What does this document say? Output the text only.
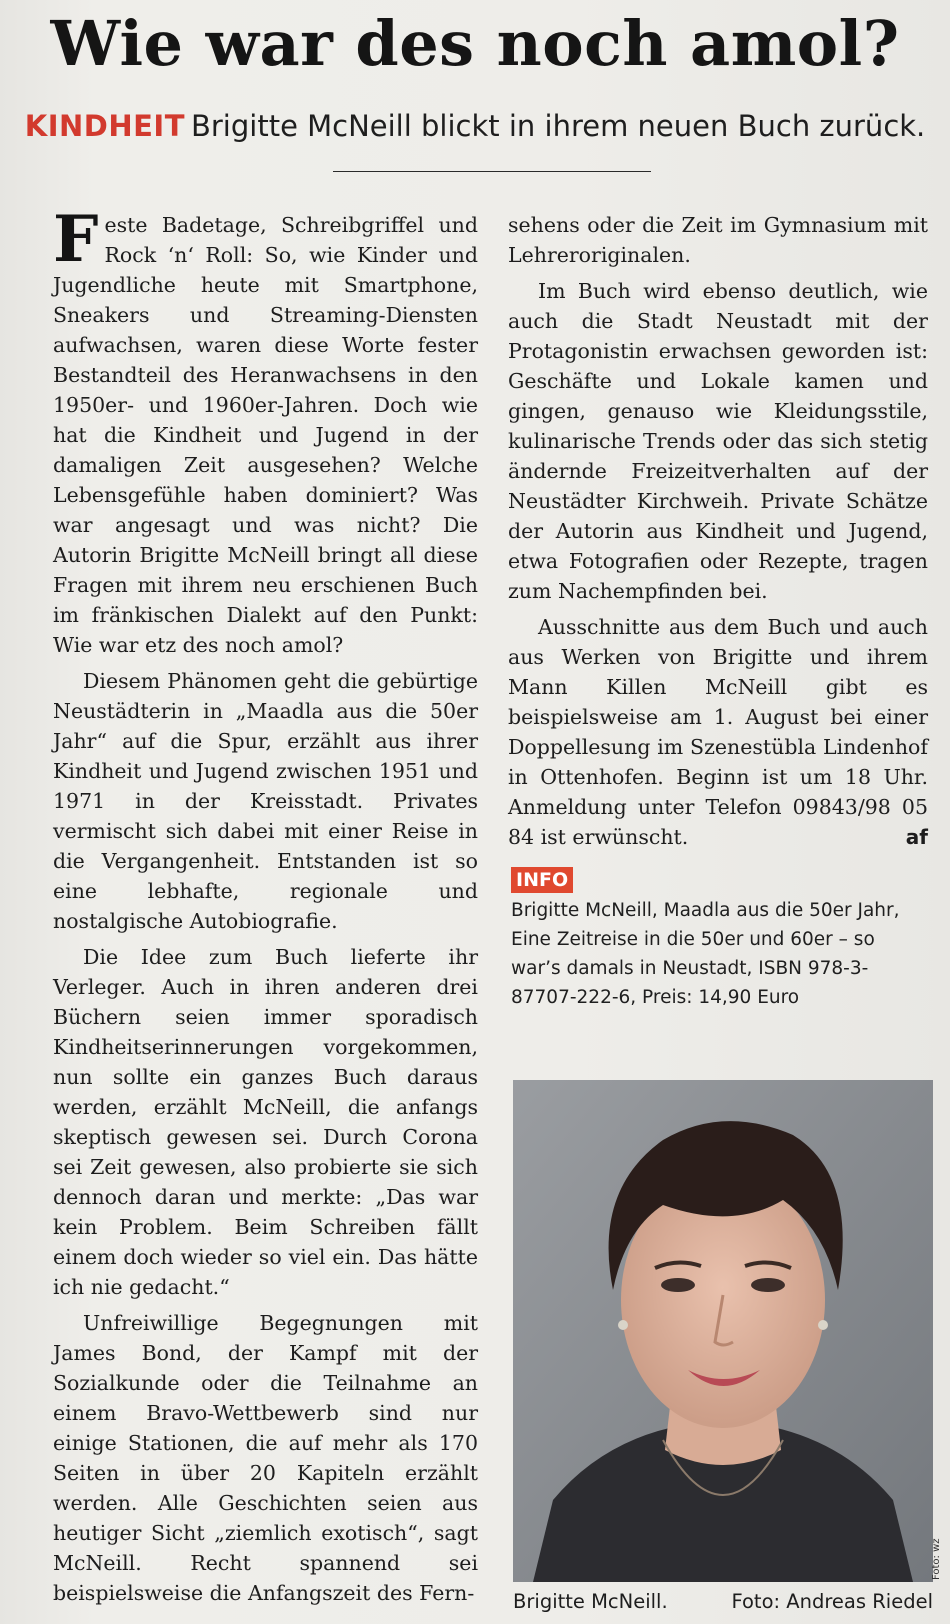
Wie war des noch amol?
KINDHEIT Brigitte McNeill blickt in ihrem neuen Buch zurück.

Feste Badetage, Schreibgriffel und Rock ‘n‘ Roll: So, wie Kinder und Jugendliche heute mit Smartphone, Sneakers und Streaming-Diensten aufwachsen, waren diese Worte fester Bestandteil des Heranwachsens in den 1950er- und 1960er-Jahren. Doch wie hat die Kindheit und Jugend in der damaligen Zeit ausgesehen? Welche Lebensgefühle haben dominiert? Was war angesagt und was nicht? Die Autorin Brigitte McNeill bringt all diese Fragen mit ihrem neu erschienen Buch im fränkischen Dialekt auf den Punkt: Wie war etz des noch amol?

Diesem Phänomen geht die gebürtige Neustädterin in „Maadla aus die 50er Jahr“ auf die Spur, erzählt aus ihrer Kindheit und Jugend zwischen 1951 und 1971 in der Kreisstadt. Privates vermischt sich dabei mit einer Reise in die Vergangenheit. Entstanden ist so eine lebhafte, regionale und nostalgische Autobiografie.

Die Idee zum Buch lieferte ihr Verleger. Auch in ihren anderen drei Büchern seien immer sporadisch Kindheitserinnerungen vorgekommen, nun sollte ein ganzes Buch daraus werden, erzählt McNeill, die anfangs skeptisch gewesen sei. Durch Corona sei Zeit gewesen, also probierte sie sich dennoch daran und merkte: „Das war kein Problem. Beim Schreiben fällt einem doch wieder so viel ein. Das hätte ich nie gedacht.“

Unfreiwillige Begegnungen mit James Bond, der Kampf mit der Sozialkunde oder die Teilnahme an einem Bravo-Wettbewerb sind nur einige Stationen, die auf mehr als 170 Seiten in über 20 Kapiteln erzählt werden. Alle Geschichten seien aus heutiger Sicht „ziemlich exotisch“, sagt McNeill. Recht spannend sei beispielsweise die Anfangszeit des Fern-

sehens oder die Zeit im Gymnasium mit Lehreroriginalen.

Im Buch wird ebenso deutlich, wie auch die Stadt Neustadt mit der Protagonistin erwachsen geworden ist: Geschäfte und Lokale kamen und gingen, genauso wie Kleidungsstile, kulinarische Trends oder das sich stetig ändernde Freizeitverhalten auf der Neustädter Kirchweih. Private Schätze der Autorin aus Kindheit und Jugend, etwa Fotografien oder Rezepte, tragen zum Nachempfinden bei.

Ausschnitte aus dem Buch und auch aus Werken von Brigitte und ihrem Mann Killen McNeill gibt es beispielsweise am 1. August bei einer Doppellesung im Szenestübla Lindenhof in Ottenhofen. Beginn ist um 18 Uhr. Anmeldung unter Telefon 09843/98 05 84 ist erwünscht.	af

INFO
Brigitte McNeill, Maadla aus die 50er Jahr, Eine Zeitreise in die 50er und 60er – so war’s damals in Neustadt, ISBN 978-3-87707-222-6, Preis: 14,90 Euro
Foto: wz
Brigitte McNeill.	Foto: Andreas Riedel
